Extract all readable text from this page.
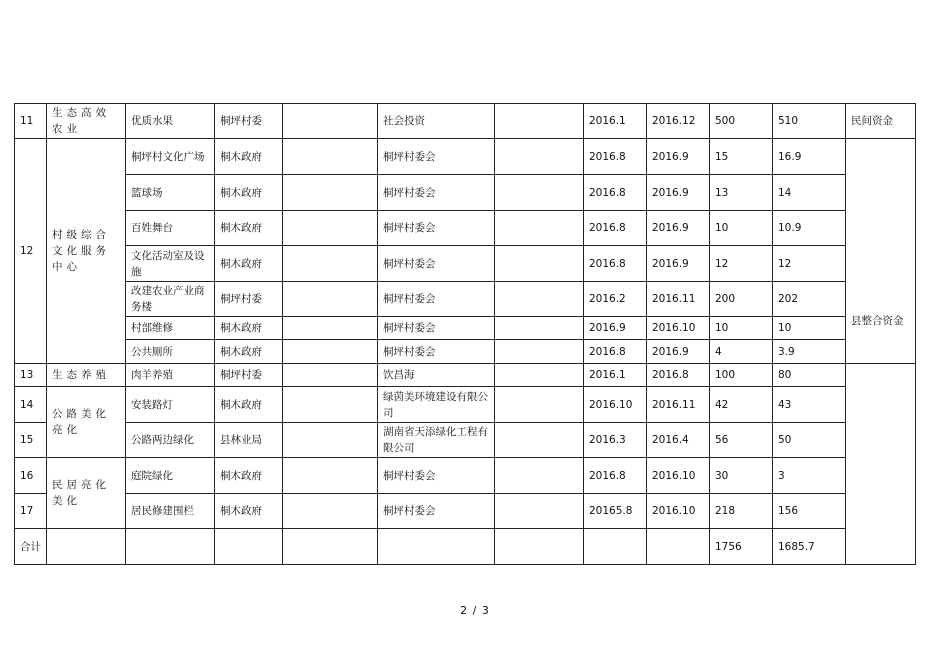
11	生态高效农业	优质水果	桐坪村委		社会投资		2016.1	2016.12	500	510	民间资金	
12	村级综合文化服务中心	桐坪村文化广场	桐木政府		桐坪村委会		2016.8	2016.9	15	16.9	县整合资金	
		篮球场	桐木政府		桐坪村委会		2016.8	2016.9	13	14		
		百姓舞台	桐木政府		桐坪村委会		2016.8	2016.9	10	10.9		
		文化活动室及设施	桐木政府		桐坪村委会		2016.8	2016.9	12	12		
		改建农业产业商务楼	桐坪村委		桐坪村委会		2016.2	2016.11	200	202		
		村部维修	桐木政府		桐坪村委会		2016.9	2016.10	10	10		
		公共厕所	桐木政府		桐坪村委会		2016.8	2016.9	4	3.9		
13	生态养殖	肉羊养殖	桐坪村委		饮昌海		2016.1	2016.8	100	80		
14	公路美化亮化	安装路灯	桐木政府		绿茵美环境建设有限公司		2016.10	2016.11	42	43		
15		公路两边绿化	县林业局		湖南省天添绿化工程有限公司		2016.3	2016.4	56	50		
16	民居亮化美化	庭院绿化	桐木政府		桐坪村委会		2016.8	2016.10	30	3		
17		居民修建围栏	桐木政府		桐坪村委会		20165.8	2016.10	218	156		
合计									1756	1685.7		
2 / 3
